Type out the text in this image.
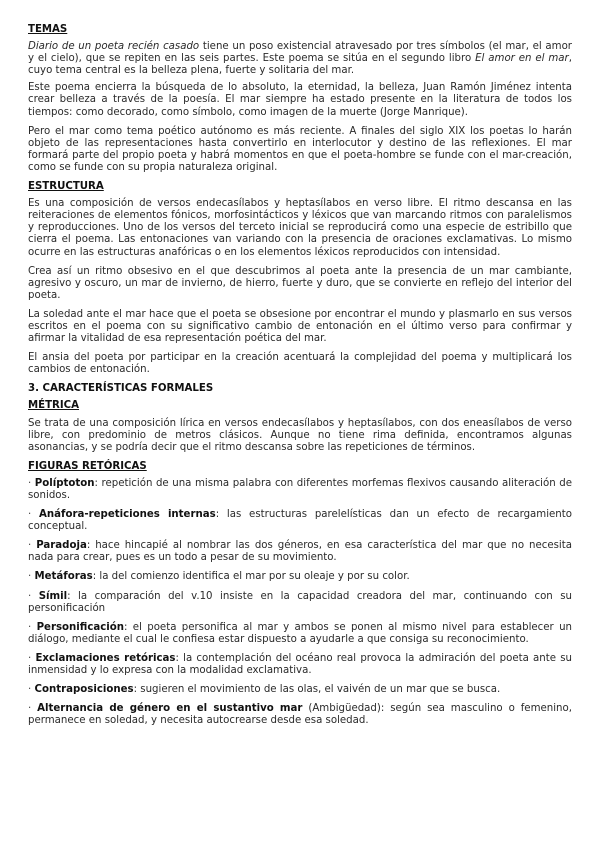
TEMAS

Diario de un poeta recién casado tiene un poso existencial atravesado por tres símbolos (el mar, el amor y el cielo), que se repiten en las seis partes. Este poema se sitúa en el segundo libro El amor en el mar, cuyo tema central es la belleza plena, fuerte y solitaria del mar.

Este poema encierra la búsqueda de lo absoluto, la eternidad, la belleza, Juan Ramón Jiménez intenta crear belleza a través de la poesía. El mar siempre ha estado presente en la literatura de todos los tiempos: como decorado, como símbolo, como imagen de la muerte (Jorge Manrique).

Pero el mar como tema poético autónomo es más reciente. A finales del siglo XIX los poetas lo harán objeto de las representaciones hasta convertirlo en interlocutor y destino de las reflexiones. El mar formará parte del propio poeta y habrá momentos en que el poeta-hombre se funde con el mar-creación, como se funde con su propia naturaleza original.

ESTRUCTURA

Es una composición de versos endecasílabos y heptasílabos en verso libre. El ritmo descansa en las reiteraciones de elementos fónicos, morfosintácticos y léxicos que van marcando ritmos con paralelismos y reproducciones. Uno de los versos del terceto inicial se reproducirá como una especie de estribillo que cierra el poema. Las entonaciones van variando con la presencia de oraciones exclamativas. Lo mismo ocurre en las estructuras anafóricas o en los elementos léxicos reproducidos con intensidad.

Crea así un ritmo obsesivo en el que descubrimos al poeta ante la presencia de un mar cambiante, agresivo y oscuro, un mar de invierno, de hierro, fuerte y duro, que se convierte en reflejo del interior del poeta.

La soledad ante el mar hace que el poeta se obsesione por encontrar el mundo y plasmarlo en sus versos escritos en el poema con su significativo cambio de entonación en el último verso para confirmar y afirmar la vitalidad de esa representación poética del mar.

El ansia del poeta por participar en la creación acentuará la complejidad del poema y multiplicará los cambios de entonación.

3. CARACTERÍSTICAS FORMALES
MÉTRICA

Se trata de una composición lírica en versos endecasílabos y heptasílabos, con dos eneasílabos de verso libre, con predominio de metros clásicos. Aunque no tiene rima definida, encontramos algunas asonancias, y se podría decir que el ritmo descansa sobre las repeticiones de términos.

FIGURAS RETÓRICAS
· Políptoton: repetición de una misma palabra con diferentes morfemas flexivos causando aliteración de sonidos.
· Anáfora-repeticiones internas: las estructuras parelelísticas dan un efecto de recargamiento conceptual.
· Paradoja: hace hincapié al nombrar las dos géneros, en esa característica del mar que no necesita nada para crear, pues es un todo a pesar de su movimiento.
· Metáforas: la del comienzo identifica el mar por su oleaje y por su color.
· Símil: la comparación del v.10 insiste en la capacidad creadora del mar, continuando con su personificación
· Personificación: el poeta personifica al mar y ambos se ponen al mismo nivel para establecer un diálogo, mediante el cual le confiesa estar dispuesto a ayudarle a que consiga su reconocimiento.
· Exclamaciones retóricas: la contemplación del océano real provoca la admiración del poeta ante su inmensidad y lo expresa con la modalidad exclamativa.
· Contraposiciones: sugieren el movimiento de las olas, el vaivén de un mar que se busca.
· Alternancia de género en el sustantivo mar (Ambigüedad): según sea masculino o femenino, permanece en soledad, y necesita autocrearse desde esa soledad.
